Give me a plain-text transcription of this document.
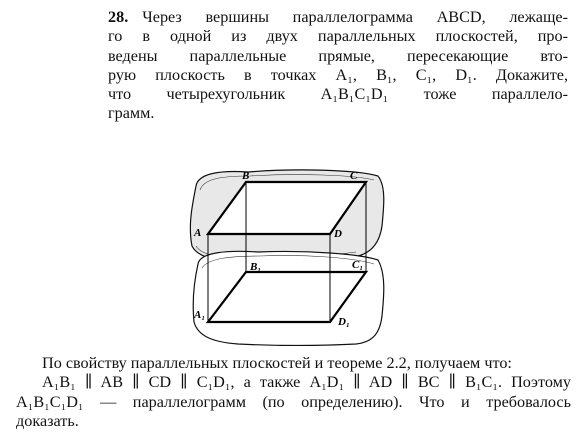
28. Через вершины параллелограмма ABCD, лежаще-
го в одной из двух параллельных плоскостей, про-
ведены параллельные прямые, пересекающие вто-
рую плоскость в точках A₁, B₁, C₁, D₁. Докажите,
что четырехугольник A₁B₁C₁D₁ тоже параллело-
грамм.
A
B	C
D
A₁
B₁	C₁
D₁
По свойству параллельных плоскостей и теореме 2.2, получаем что:
A₁B₁ ∥ AB ∥ CD ∥ C₁D₁, а также A₁D₁ ∥ AD ∥ BC ∥ B₁C₁. Поэтому
A₁B₁C₁D₁ — параллелограмм (по определению). Что и требовалось
доказать.
